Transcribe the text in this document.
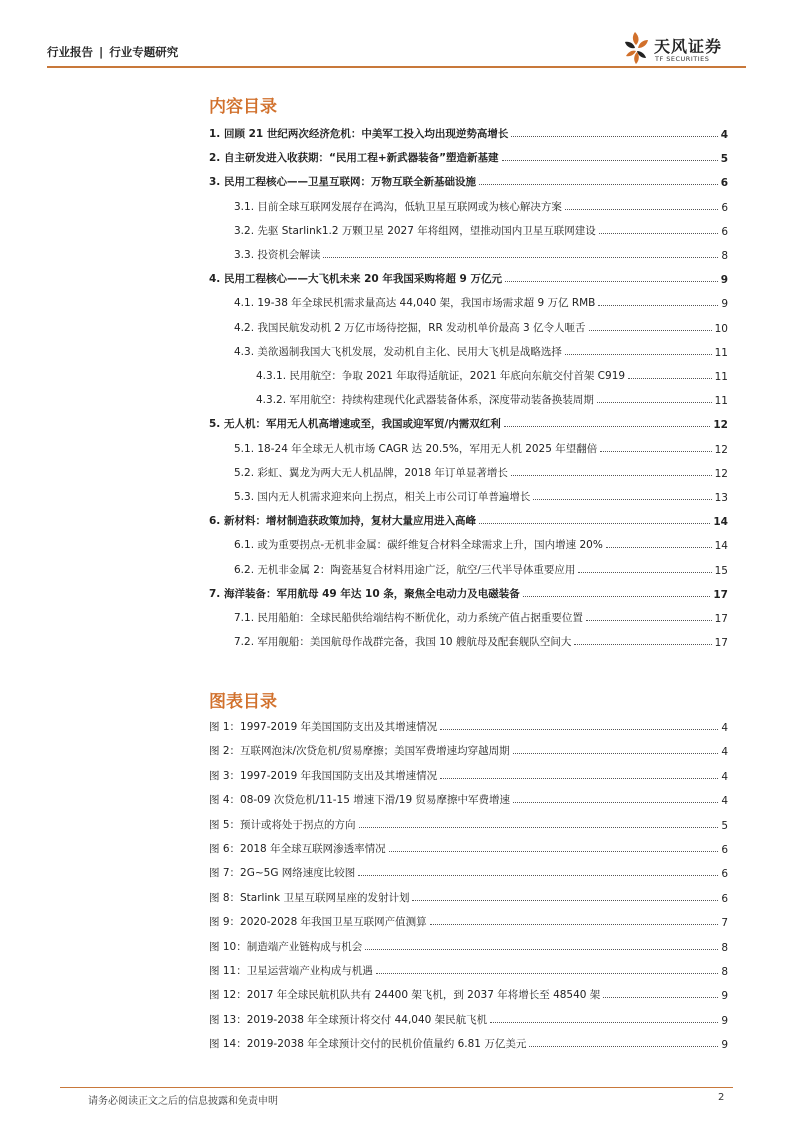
行业报告 | 行业专题研究	天风证券
TF SECURITIES
内容目录
1. 回顾 21 世纪两次经济危机：中美军工投入均出现逆势高增长	4
2. 自主研发进入收获期：“民用工程+新武器装备”塑造新基建	5
3. 民用工程核心——卫星互联网：万物互联全新基础设施	6
3.1. 目前全球互联网发展存在鸿沟，低轨卫星互联网或为核心解决方案	6
3.2. 先驱 Starlink1.2 万颗卫星 2027 年将组网，望推动国内卫星互联网建设	6
3.3. 投资机会解读	8
4. 民用工程核心——大飞机未来 20 年我国采购将超 9 万亿元	9
4.1. 19-38 年全球民机需求量高达 44,040 架，我国市场需求超 9 万亿 RMB	9
4.2. 我国民航发动机 2 万亿市场待挖掘，RR 发动机单价最高 3 亿令人咂舌	10
4.3. 美欲遏制我国大飞机发展，发动机自主化、民用大飞机是战略选择	11
4.3.1. 民用航空：争取 2021 年取得适航证，2021 年底向东航交付首架 C919	11
4.3.2. 军用航空：持续构建现代化武器装备体系，深度带动装备换装周期	11
5. 无人机：军用无人机高增速或至，我国或迎军贸/内需双红利	12
5.1. 18-24 年全球无人机市场 CAGR 达 20.5%，军用无人机 2025 年望翻倍	12
5.2. 彩虹、翼龙为两大无人机品牌，2018 年订单显著增长	12
5.3. 国内无人机需求迎来向上拐点，相关上市公司订单普遍增长	13
6. 新材料：增材制造获政策加持，复材大量应用进入高峰	14
6.1. 或为重要拐点-无机非金属：碳纤维复合材料全球需求上升，国内增速 20%	14
6.2. 无机非金属 2：陶瓷基复合材料用途广泛，航空/三代半导体重要应用	15
7. 海洋装备：军用航母 49 年达 10 条，聚焦全电动力及电磁装备	17
7.1. 民用船舶：全球民船供给端结构不断优化，动力系统产值占据重要位置	17
7.2. 军用舰船：美国航母作战群完备，我国 10 艘航母及配套舰队空间大	17
图表目录
图 1：1997-2019 年美国国防支出及其增速情况	4
图 2：互联网泡沫/次贷危机/贸易摩擦；美国军费增速均穿越周期	4
图 3：1997-2019 年我国国防支出及其增速情况	4
图 4：08-09 次贷危机/11-15 增速下滑/19 贸易摩擦中军费增速	4
图 5：预计或将处于拐点的方向	5
图 6：2018 年全球互联网渗透率情况	6
图 7：2G~5G 网络速度比较图	6
图 8：Starlink 卫星互联网星座的发射计划	6
图 9：2020-2028 年我国卫星互联网产值测算	7
图 10：制造端产业链构成与机会	8
图 11：卫星运营端产业构成与机遇	8
图 12：2017 年全球民航机队共有 24400 架飞机，到 2037 年将增长至 48540 架	9
图 13：2019-2038 年全球预计将交付 44,040 架民航飞机	9
图 14：2019-2038 年全球预计交付的民机价值量约 6.81 万亿美元	9
请务必阅读正文之后的信息披露和免责申明	2
